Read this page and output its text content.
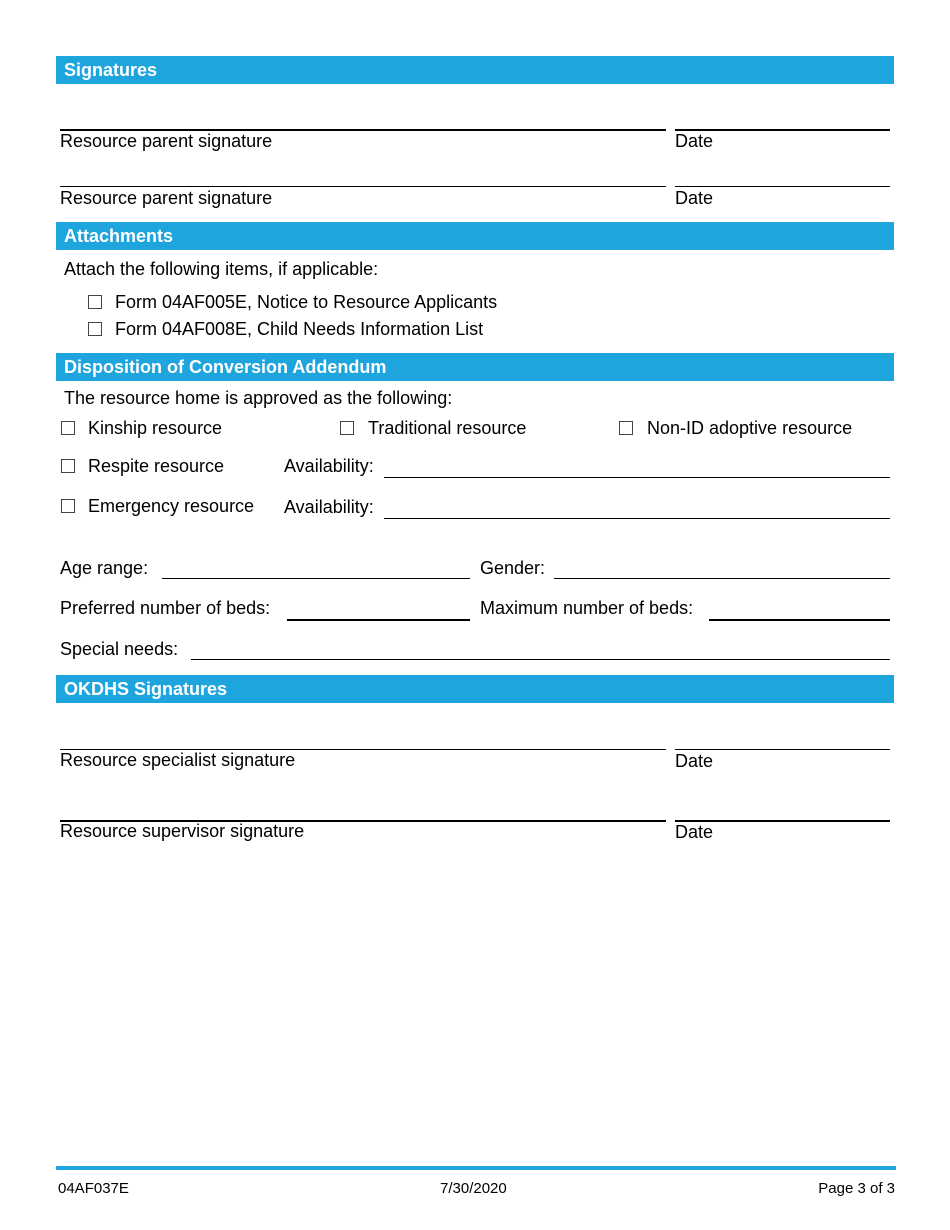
Signatures
Resource parent signature	Date
Resource parent signature	Date
Attachments
Attach the following items, if applicable:
Form 04AF005E, Notice to Resource Applicants
Form 04AF008E, Child Needs Information List
Disposition of Conversion Addendum
The resource home is approved as the following:
Kinship resource	Traditional resource	Non-ID adoptive resource
Respite resource	Availability:
Emergency resource Availability:
Age range:	Gender:
Preferred number of beds:	Maximum number of beds:
Special needs:
OKDHS Signatures
Resource specialist signature	Date
Resource supervisor signature	Date
04AF037E	7/30/2020	Page 3 of 3
